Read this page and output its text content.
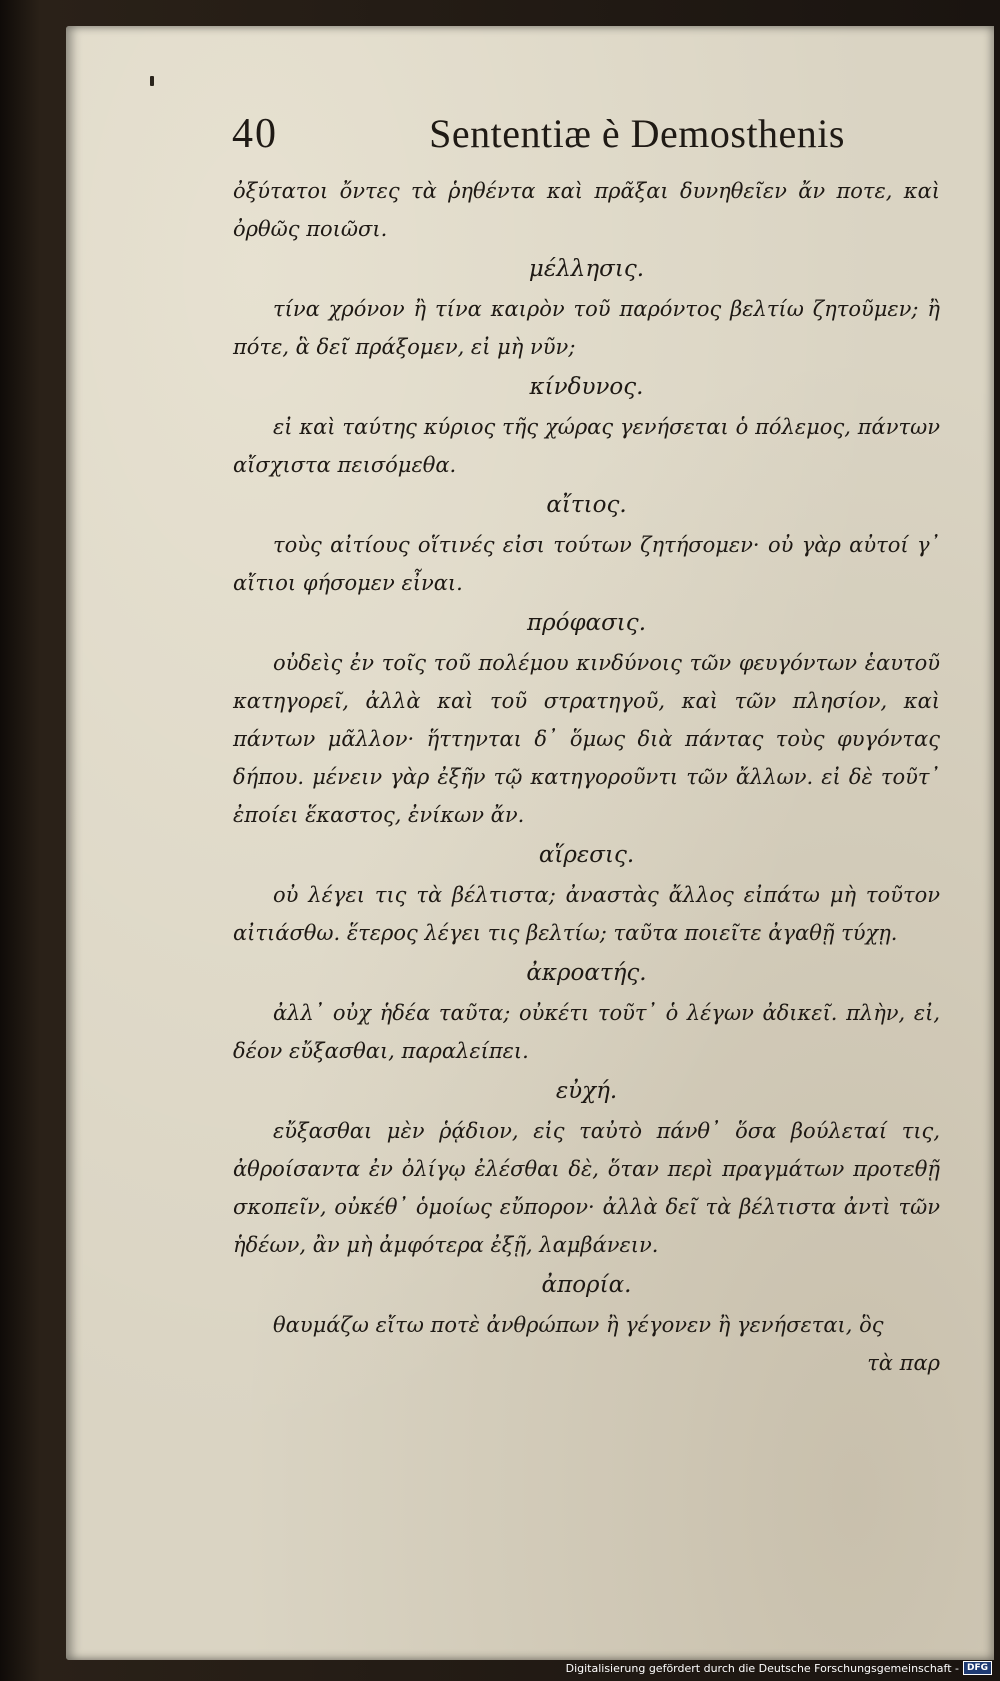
40	Sententiæ è Demosthenis

ὀξύτατοι ὄντες τὰ ῥηθέντα καὶ πρᾶξαι δυνηθεῖεν ἄν ποτε, καὶ ὀρθῶς ποιῶσι.

μέλλησις.

τίνα χρόνον ἢ τίνα καιρὸν τοῦ παρόντος βελτίω ζητοῦμεν; ἢ πότε, ἃ δεῖ πράξομεν, εἰ μὴ νῦν;

κίνδυνος.

εἰ καὶ ταύτης κύριος τῆς χώρας γενήσεται ὁ πόλεμος, πάντων αἴσχιστα πεισόμεθα.

αἴτιος.

τοὺς αἰτίους οἵτινές εἰσι τούτων ζητήσομεν· οὐ γὰρ αὐτοί γ᾽ αἴτιοι φήσομεν εἶναι.

πρόφασις.

οὐδεὶς ἐν τοῖς τοῦ πολέμου κινδύνοις τῶν φευγόντων ἑαυτοῦ κατηγορεῖ, ἀλλὰ καὶ τοῦ στρατηγοῦ, καὶ τῶν πλησίον, καὶ πάντων μᾶλλον· ἥττηνται δ᾽ ὅμως διὰ πάντας τοὺς φυγόντας δήπου. μένειν γὰρ ἐξῆν τῷ κατηγοροῦντι τῶν ἄλλων. εἰ δὲ τοῦτ᾽ ἐποίει ἕκαστος, ἐνίκων ἄν.

αἵρεσις.

οὐ λέγει τις τὰ βέλτιστα; ἀναστὰς ἄλλος εἰπάτω μὴ τοῦτον αἰτιάσθω. ἕτερος λέγει τις βελτίω; ταῦτα ποιεῖτε ἀγαθῇ τύχῃ.

ἀκροατής.

ἀλλ᾽ οὐχ ἡδέα ταῦτα; οὐκέτι τοῦτ᾽ ὁ λέγων ἀδικεῖ. πλὴν, εἰ, δέον εὔξασθαι, παραλείπει.

εὐχή.

εὔξασθαι μὲν ῥᾴδιον, εἰς ταὐτὸ πάνθ᾽ ὅσα βούλεταί τις, ἀθροίσαντα ἐν ὀλίγῳ ἐλέσθαι δὲ, ὅταν περὶ πραγμάτων προτεθῇ σκοπεῖν, οὐκέθ᾽ ὁμοίως εὔπορον· ἀλλὰ δεῖ τὰ βέλτιστα ἀντὶ τῶν ἡδέων, ἂν μὴ ἀμφότερα ἐξῇ, λαμβάνειν.

ἀπορία.

θαυμάζω εἴτω ποτὲ ἀνθρώπων ἢ γέγονεν ἢ γενήσεται, ὃς

τὰ παρ

Digitalisierung gefördert durch die Deutsche Forschungsgemeinschaft - DFG
